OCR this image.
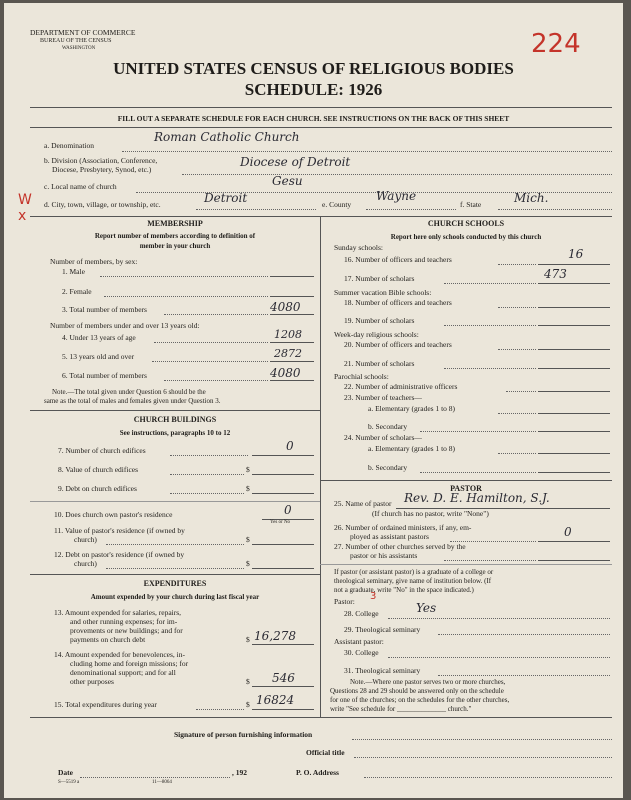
DEPARTMENT OF COMMERCE
BUREAU OF THE CENSUS
WASHINGTON	224
UNITED STATES CENSUS OF RELIGIOUS BODIES
SCHEDULE: 1926
FILL OUT A SEPARATE SCHEDULE FOR EACH CHURCH. SEE INSTRUCTIONS ON THE BACK OF THIS SHEET
W x
a. Denomination
Roman Catholic Church
b. Division (Association, Conference,
Diocese, Presbytery, Synod, etc.)
Diocese of Detroit
c. Local name of church	Gesu
d. City, town, village, or township, etc.	Detroit	e. County
Wayne
f. State	Mich.
MEMBERSHIP
Report number of members according to definition of
member in your church
Number of members, by sex:
1. Male
2. Female
3. Total number of members	4080
Number of members under and over 13 years old:
4. Under 13 years of age	1208
5. 13 years old and over	2872
6. Total number of members	4080
Note.—The total given under Question 6 should be the
same as the total of males and females given under Question 3.
CHURCH BUILDINGS
See instructions, paragraphs 10 to 12
7. Number of church edifices	0
8. Value of church edifices	$
9. Debt on church edifices	$
10. Does church own pastor's residence	0
Yes or No
11. Value of pastor's residence (if owned by
church)	$
12. Debt on pastor's residence (if owned by
church)	$
EXPENDITURES
Amount expended by your church during last fiscal year
13. Amount expended for salaries, repairs,
and other running expenses; for im-
provements or new buildings; and for
payments on church debt	$ 16,278
14. Amount expended for benevolences, in-
cluding home and foreign missions; for
denominational support; and for all
other purposes	$ 546
15. Total expenditures during year	$ 16824
CHURCH SCHOOLS
Report here only schools conducted by this church
Sunday schools:
16. Number of officers and teachers	16
17. Number of scholars	473
Summer vacation Bible schools:
18. Number of officers and teachers
19. Number of scholars
Week-day religious schools:
20. Number of officers and teachers
21. Number of scholars
Parochial schools:
22. Number of administrative officers
23. Number of teachers—
a. Elementary (grades 1 to 8)
b. Secondary
24. Number of scholars—
a. Elementary (grades 1 to 8)
b. Secondary
PASTOR
25. Name of pastor Rev. D. E. Hamilton, S.J.
(If church has no pastor, write "None")
26. Number of ordained ministers, if any, em-
ployed as assistant pastors	0
27. Number of other churches served by the
pastor or his assistants
If pastor (or assistant pastor) is a graduate of a college or
theological seminary, give name of institution below. (If
not a graduate, write "No" in the space indicated.)
Pastor: 3
28. College	Yes
29. Theological seminary
Assistant pastor:
30. College
31. Theological seminary
Note.—Where one pastor serves two or more churches,
Questions 28 and 29 should be answered only on the schedule
for one of the churches; on the schedules for the other churches,
write "See schedule for ______________ church."
Signature of person furnishing information
Official title
Date	, 192	P. O. Address
S—5519 a	11—8064
